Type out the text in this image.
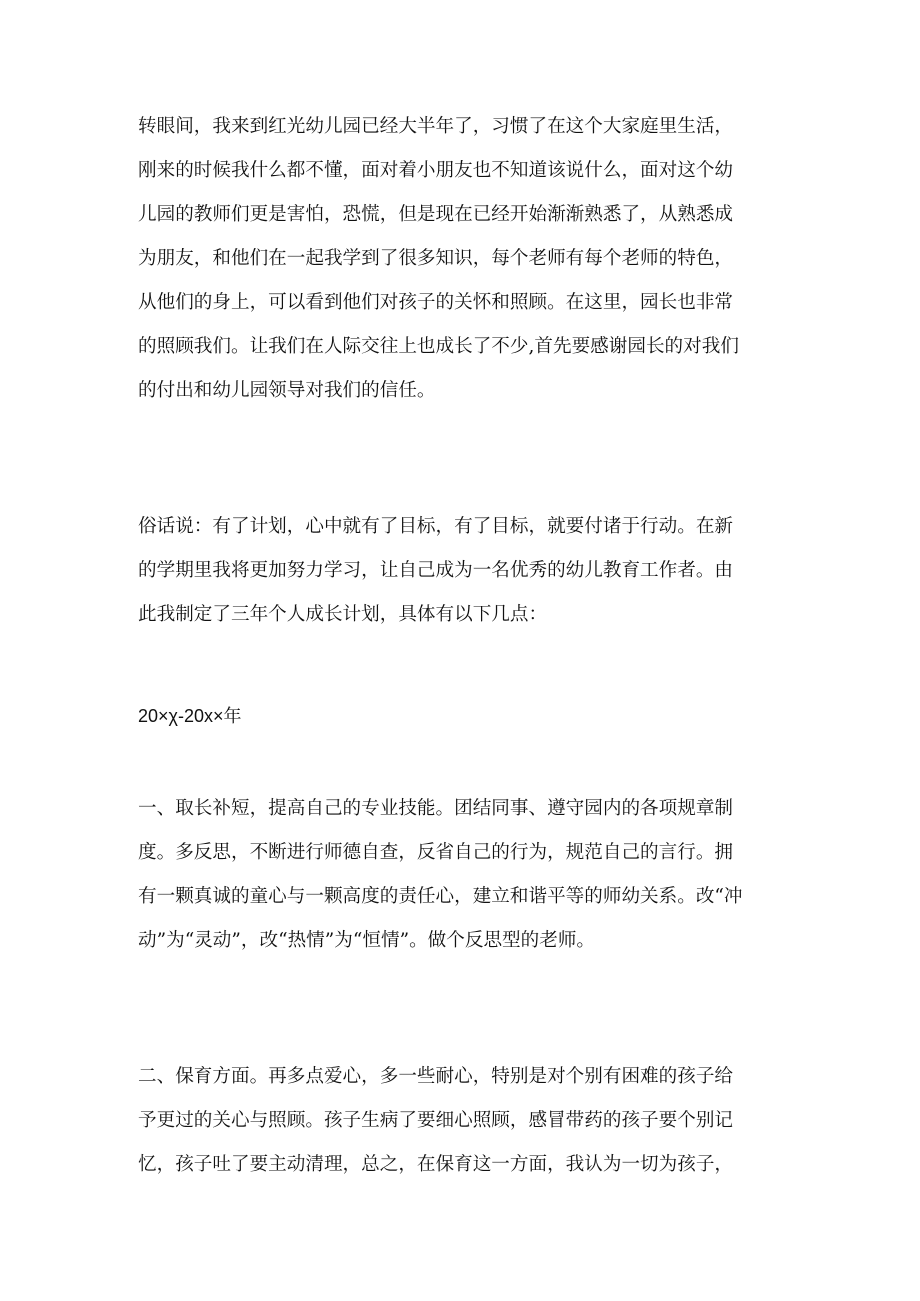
转眼间，我来到红光幼儿园已经大半年了，习惯了在这个大家庭里生活，
刚来的时候我什么都不懂，面对着小朋友也不知道该说什么，面对这个幼
儿园的教师们更是害怕，恐慌，但是现在已经开始渐渐熟悉了，从熟悉成
为朋友，和他们在一起我学到了很多知识，每个老师有每个老师的特色，
从他们的身上，可以看到他们对孩子的关怀和照顾。在这里，园长也非常
的照顾我们。让我们在人际交往上也成长了不少,首先要感谢园长的对我们
的付出和幼儿园领导对我们的信任。
俗话说：有了计划，心中就有了目标，有了目标，就要付诸于行动。在新
的学期里我将更加努力学习，让自己成为一名优秀的幼儿教育工作者。由
此我制定了三年个人成长计划，具体有以下几点：
20×χ-20x×年
一、取长补短，提高自己的专业技能。团结同事、遵守园内的各项规章制
度。多反思，不断进行师德自查，反省自己的行为，规范自己的言行。拥
有一颗真诚的童心与一颗高度的责任心，建立和谐平等的师幼关系。改“冲
动”为“灵动”，改“热情”为“恒情”。做个反思型的老师。
二、保育方面。再多点爱心，多一些耐心，特别是对个别有困难的孩子给
予更过的关心与照顾。孩子生病了要细心照顾，感冒带药的孩子要个别记
忆，孩子吐了要主动清理，总之，在保育这一方面，我认为一切为孩子，
